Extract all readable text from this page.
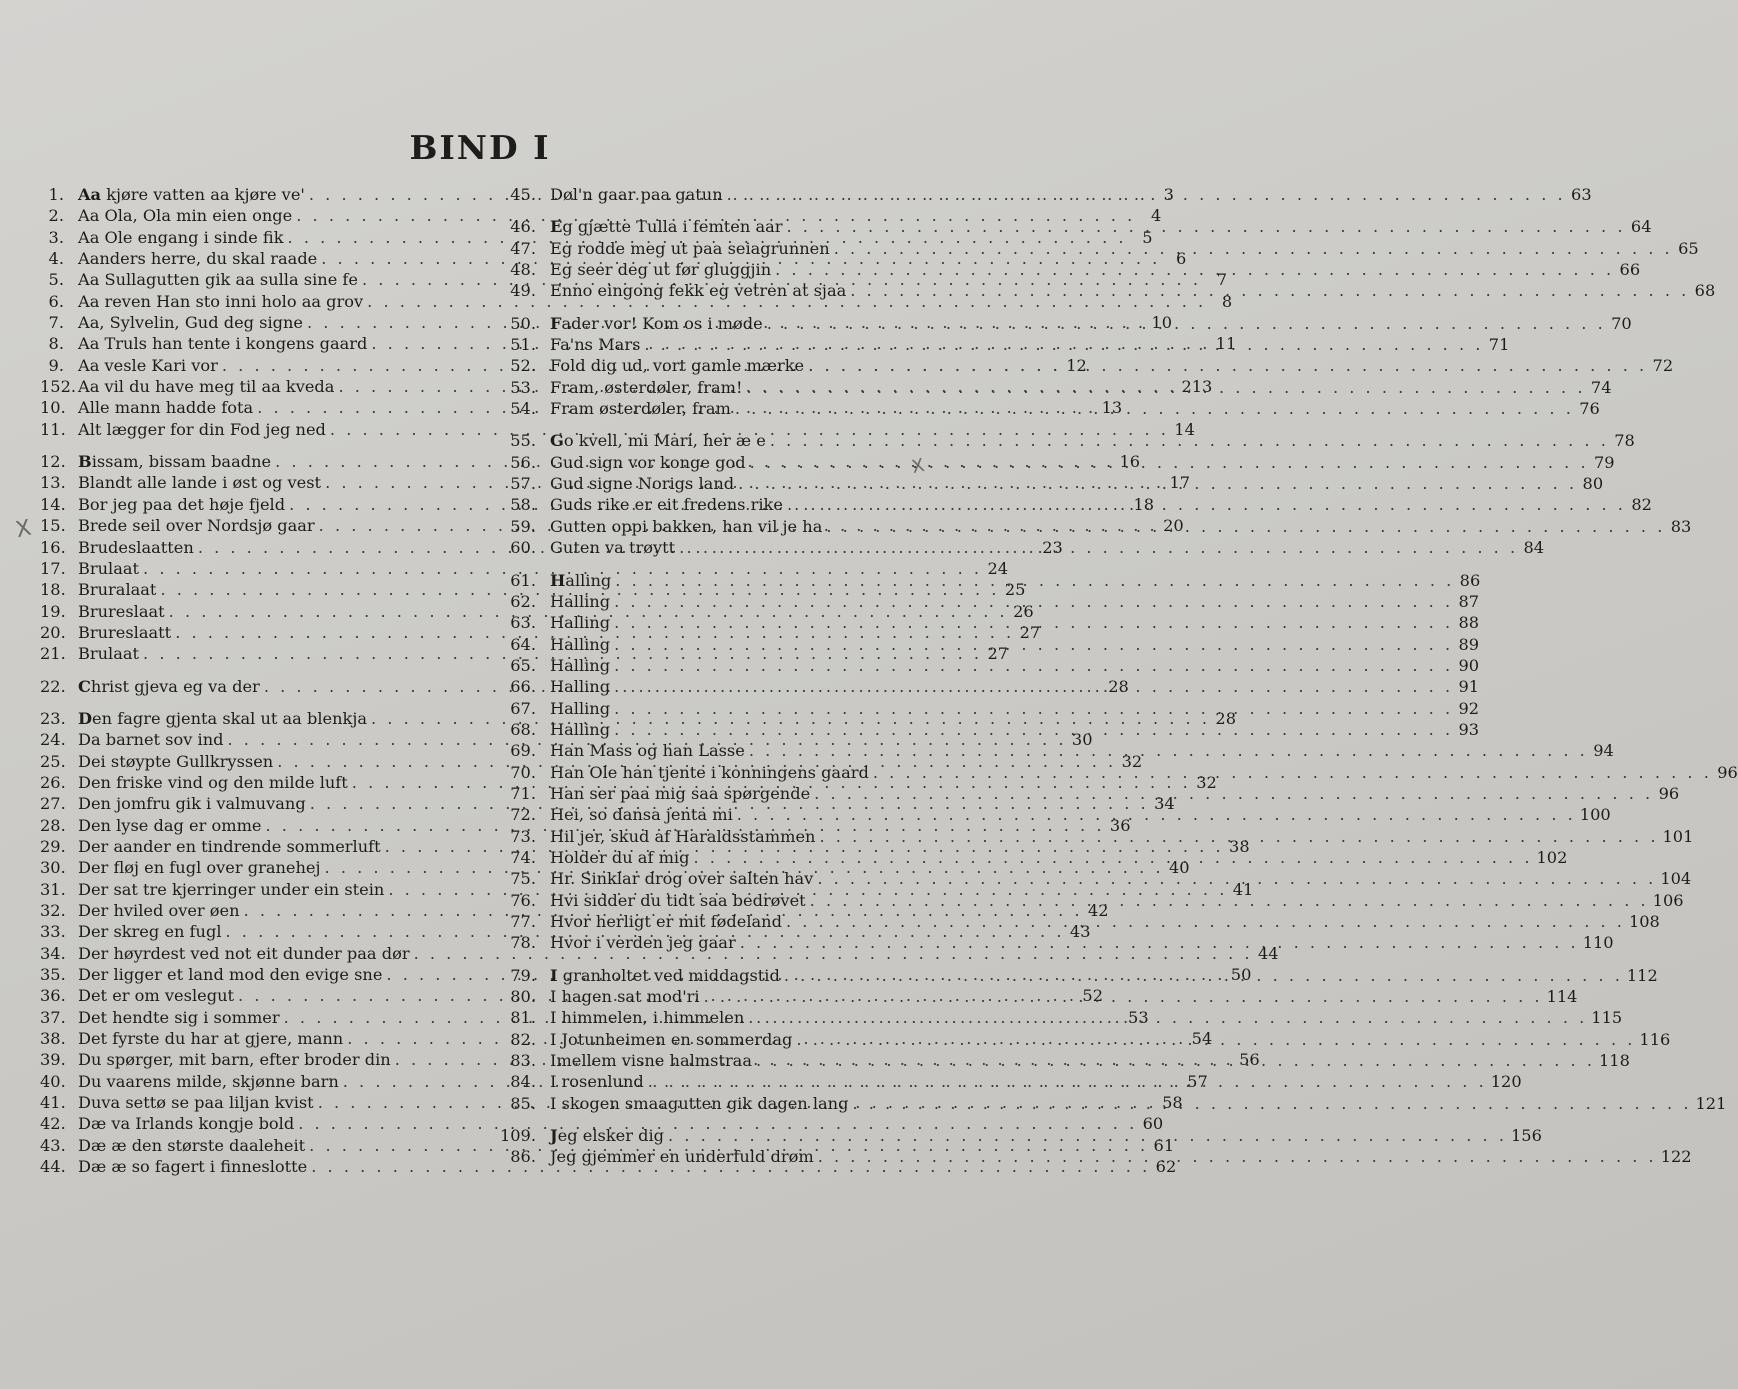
BIND I
1. Aa kjøre vatten aa kjøre ve' . . .	3
2. Aa Ola, Ola min eien onge . . .	4
3. Aa Ole engang i sinde fik . . .	5
4. Aanders herre, du skal raade . . .	6
5. Aa Sullagutten gik aa sulla sine fe . . .	7
6. Aa reven Han sto inni holo aa grov . . .	8
7. Aa, Sylvelin, Gud deg signe . . .	10
8. Aa Truls han tente i kongens gaard . . .	11
9. Aa vesle Kari vor . . .	12
152. Aa vil du have meg til aa kveda . . .	213
10. Alle mann hadde fota . . .	13
11. Alt lægger for din Fod jeg ned . . .	14
12. Bissam, bissam baadne . . .	16
13. Blandt alle lande i øst og vest . . .	17
14. Bor jeg paa det høje fjeld . . .	18
15. Brede seil over Nordsjø gaar . . .	20
16. Brudeslaatten . . .	23
17. Brulaat . . .	24
18. Bruralaat . . .	25
19. Brureslaat . . .	26
20. Brureslaatt . . .	27
21. Brulaat . . .	27
22. Christ gjeva eg va der . . .	28
23. Den fagre gjenta skal ut aa blenkja . . .	28
24. Da barnet sov ind . . .	30
25. Dei støypte Gullkryssen . . .	32
26. Den friske vind og den milde luft . . .	32
27. Den jomfru gik i valmuvang . . .	34
28. Den lyse dag er omme . . .	36
29. Der aander en tindrende sommerluft . . .	38
30. Der fløj en fugl over granehej . . .	40
31. Der sat tre kjerringer under ein stein . . .	41
32. Der hviled over øen . . .	42
33. Der skreg en fugl . . .	43
34. Der høyrdest ved not eit dunder paa dør . . .	44
35. Der ligger et land mod den evige sne . . .	50
36. Det er om veslegut . . .	52
37. Det hendte sig i sommer . . .	53
38. Det fyrste du har at gjere, mann . . .	54
39. Du spørger, mit barn, efter broder din . . .	56
40. Du vaarens milde, skjønne barn . . .	57
41. Duva settø se paa liljan kvist . . .	58
42. Dæ va Irlands kongje bold . . .	60
43. Dæ æ den største daaleheit . . .	61
44. Dæ æ so fagert i finneslotte . . .	62
45. Døl'n gaar paa gatun . . .	63
46. Eg gjætte Tulla i femten aar . . .	64
47. Eg rodde meg ut paa seiagrunnen . . .	65
48. Eg seer deg ut før gluggjin . . .	66
49. Enno eingong fekk eg vetren at sjaa . . .	68
50. Fader vor! Kom os i møde . . .	70
51. Fa'ns Mars . . .	71
52. Fold dig ud, vort gamle mærke . . .	72
53. Fram, østerdøler, fram! . . .	74
54. Fram østerdøler, fram . . .	76
55. Go kvell, mi Mari, her æ e . . .	78
56. Gud sign vor konge god . . .	79
57. Gud signe Norigs land . . .	80
58. Guds rike er eit fredens rike . . .	82
59. Gutten oppi bakken, han vil je ha . . .	83
60. Guten va trøytt . . .	84
61. Halling . . .	86
62. Halling . . .	87
63. Halling . . .	88
64. Halling . . .	89
65. Halling . . .	90
66. Halling . . .	91
67. Halling . . .	92
68. Halling . . .	93
69. Han Mass og han Lasse . . .	94
70. Han Ole han tjente i konningens gaard . . .	96
71. Han ser paa mig saa spørgende . . .	96
72. Hei, so dansa jenta mi . . .	100
73. Hil jer, skud af Haraldsstammen . . .	101
74. Holder du af mig . . .	102
75. Hr. Sinklar drog over salten hav . . .	104
76. Hvi sidder du tidt saa bedrøvet . . .	106
77. Hvor herligt er mit fødeland . . .	108
78. Hvor i verden jeg gaar . . .	110
79. I granholtet ved middagstid . . .	112
80. I hagen sat mod'ri . . .	114
81. I himmelen, i himmelen . . .	115
82. I Jotunheimen en sommerdag . . .	116
83. Imellem visne halmstraa . . .	118
84. I rosenlund . . .	120
85. I skogen smaagutten gik dagen lang . . .	121
109. Jeg elsker dig . . .	156
86. Jeg gjemmer en underfuld drøm . . .	122
X
X
